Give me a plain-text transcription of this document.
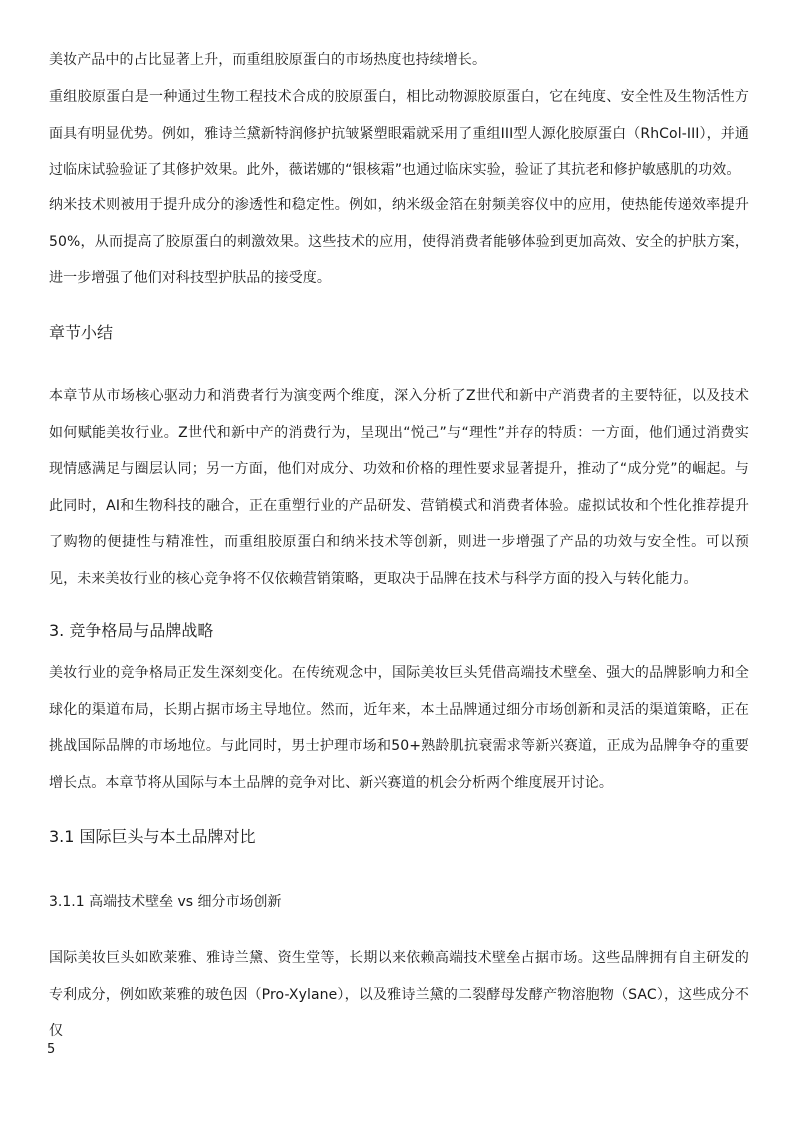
美妆产品中的占比显著上升，而重组胶原蛋白的市场热度也持续增长。

重组胶原蛋白是一种通过生物工程技术合成的胶原蛋白，相比动物源胶原蛋白，它在纯度、安全性及生物活性方面具有明显优势。例如，雅诗兰黛新特润修护抗皱紧塑眼霜就采用了重组III型人源化胶原蛋白（RhCol-III），并通过临床试验验证了其修护效果。此外，薇诺娜的“银核霜”也通过临床实验，验证了其抗老和修护敏感肌的功效。

纳米技术则被用于提升成分的渗透性和稳定性。例如，纳米级金箔在射频美容仪中的应用，使热能传递效率提升50%，从而提高了胶原蛋白的刺激效果。这些技术的应用，使得消费者能够体验到更加高效、安全的护肤方案，进一步增强了他们对科技型护肤品的接受度。

章节小结

本章节从市场核心驱动力和消费者行为演变两个维度，深入分析了Z世代和新中产消费者的主要特征，以及技术如何赋能美妆行业。Z世代和新中产的消费行为，呈现出“悦己”与“理性”并存的特质：一方面，他们通过消费实现情感满足与圈层认同；另一方面，他们对成分、功效和价格的理性要求显著提升，推动了“成分党”的崛起。与此同时，AI和生物科技的融合，正在重塑行业的产品研发、营销模式和消费者体验。虚拟试妆和个性化推荐提升了购物的便捷性与精准性，而重组胶原蛋白和纳米技术等创新，则进一步增强了产品的功效与安全性。可以预见，未来美妆行业的核心竞争将不仅依赖营销策略，更取决于品牌在技术与科学方面的投入与转化能力。

3. 竞争格局与品牌战略

美妆行业的竞争格局正发生深刻变化。在传统观念中，国际美妆巨头凭借高端技术壁垒、强大的品牌影响力和全球化的渠道布局，长期占据市场主导地位。然而，近年来，本土品牌通过细分市场创新和灵活的渠道策略，正在挑战国际品牌的市场地位。与此同时，男士护理市场和50+熟龄肌抗衰需求等新兴赛道，正成为品牌争夺的重要增长点。本章节将从国际与本土品牌的竞争对比、新兴赛道的机会分析两个维度展开讨论。

3.1 国际巨头与本土品牌对比
3.1.1 高端技术壁垒 vs 细分市场创新

国际美妆巨头如欧莱雅、雅诗兰黛、资生堂等，长期以来依赖高端技术壁垒占据市场。这些品牌拥有自主研发的专利成分，例如欧莱雅的玻色因（Pro-Xylane），以及雅诗兰黛的二裂酵母发酵产物溶胞物（SAC），这些成分不仅

5
